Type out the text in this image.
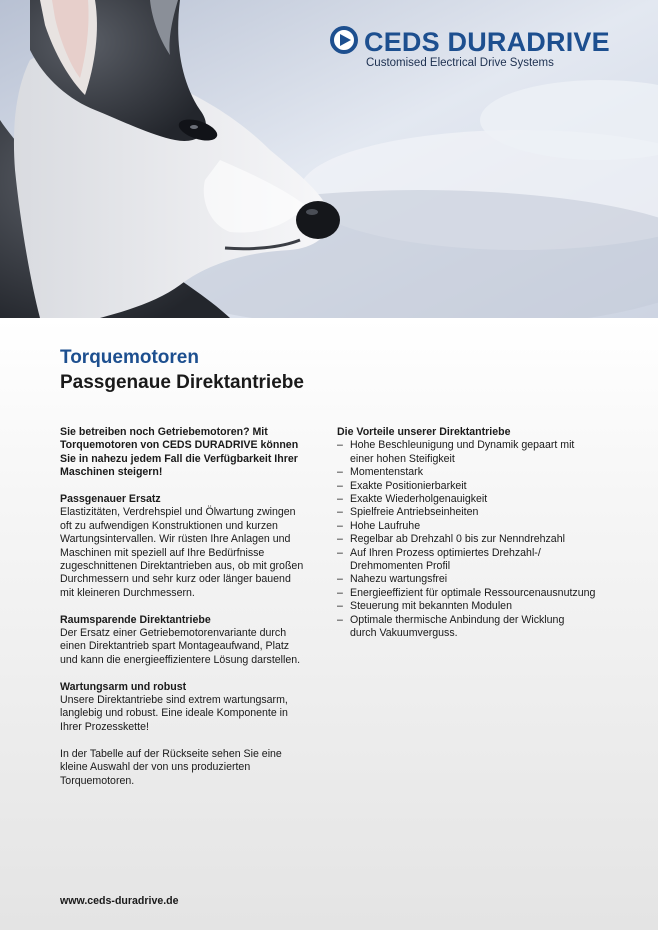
CEDS DURADRIVE
Customised Electrical Drive Systems
Torquemotoren
Passgenaue Direktantriebe
Sie betreiben noch Getriebemotoren? Mit
Torquemotoren von CEDS DURADRIVE können
Sie in nahezu jedem Fall die Verfügbarkeit Ihrer
Maschinen steigern!
Passgenauer Ersatz
Elastizitäten, Verdrehspiel und Ölwartung zwingen
oft zu aufwendigen Konstruktionen und kurzen
Wartungsintervallen. Wir rüsten Ihre Anlagen und
Maschinen mit speziell auf Ihre Bedürfnisse
zugeschnittenen Direktantrieben aus, ob mit großen
Durchmessern und sehr kurz oder länger bauend
mit kleineren Durchmessern.
Raumsparende Direktantriebe
Der Ersatz einer Getriebemotorenvariante durch
einen Direktantrieb spart Montageaufwand, Platz
und kann die energieeffizientere Lösung darstellen.
Wartungsarm und robust
Unsere Direktantriebe sind extrem wartungsarm,
langlebig und robust. Eine ideale Komponente in
Ihrer Prozesskette!
In der Tabelle auf der Rückseite sehen Sie eine
kleine Auswahl der von uns produzierten
Torquemotoren.
Die Vorteile unserer Direktantriebe
– Hohe Beschleunigung und Dynamik gepaart mit
einer hohen Steifigkeit
– Momentenstark
– Exakte Positionierbarkeit
– Exakte Wiederholgenauigkeit
– Spielfreie Antriebseinheiten
– Hohe Laufruhe
– Regelbar ab Drehzahl 0 bis zur Nenndrehzahl
– Auf Ihren Prozess optimiertes Drehzahl-/
Drehmomenten Profil
– Nahezu wartungsfrei
– Energieeffizient für optimale Ressourcenausnutzung
– Steuerung mit bekannten Modulen
– Optimale thermische Anbindung der Wicklung
durch Vakuumverguss.
www.ceds-duradrive.de
